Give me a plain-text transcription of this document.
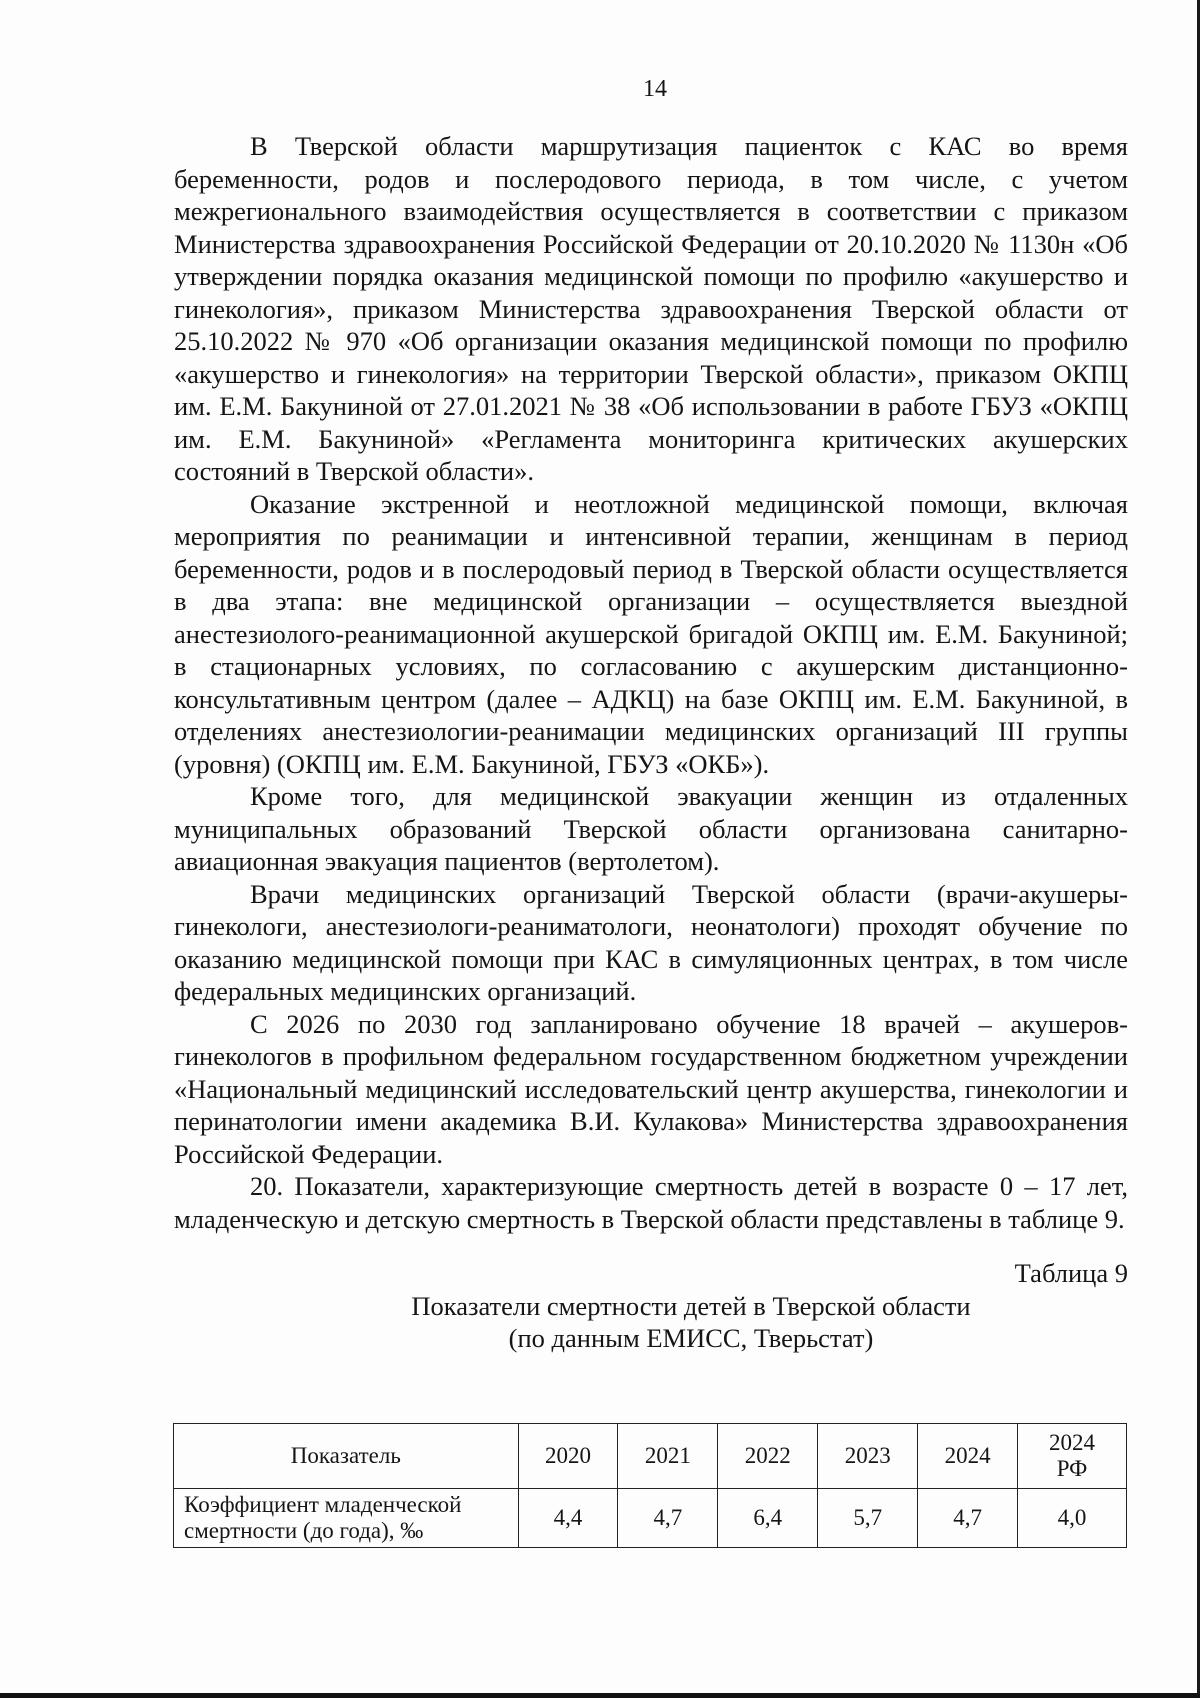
14

В Тверской области маршрутизация пациенток с КАС во время беременности, родов и послеродового периода, в том числе, с учетом межрегионального взаимодействия осуществляется в соответствии с приказом Министерства здравоохранения Российской Федерации от 20.10.2020 № 1130н «Об утверждении порядка оказания медицинской помощи по профилю «акушерство и гинекология», приказом Министерства здравоохранения Тверской области от 25.10.2022 № 970 «Об организации оказания медицинской помощи по профилю «акушерство и гинекология» на территории Тверской области», приказом ОКПЦ им. Е.М. Бакуниной от 27.01.2021 № 38 «Об использовании в работе ГБУЗ «ОКПЦ им. Е.М. Бакуниной» «Регламента мониторинга критических акушерских состояний в Тверской области».

Оказание экстренной и неотложной медицинской помощи, включая мероприятия по реанимации и интенсивной терапии, женщинам в период беременности, родов и в послеродовый период в Тверской области осуществляется в два этапа: вне медицинской организации – осуществляется выездной анестезиолого-реанимационной акушерской бригадой ОКПЦ им. Е.М. Бакуниной; в стационарных условиях, по согласованию с акушерским дистанционно-консультативным центром (далее – АДКЦ) на базе ОКПЦ им. Е.М. Бакуниной, в отделениях анестезиологии-реанимации медицинских организаций III группы (уровня) (ОКПЦ им. Е.М. Бакуниной, ГБУЗ «ОКБ»).

Кроме того, для медицинской эвакуации женщин из отдаленных муниципальных образований Тверской области организована санитарно-авиационная эвакуация пациентов (вертолетом).

Врачи медицинских организаций Тверской области (врачи-акушеры-гинекологи, анестезиологи-реаниматологи, неонатологи) проходят обучение по оказанию медицинской помощи при КАС в симуляционных центрах, в том числе федеральных медицинских организаций.

С 2026 по 2030 год запланировано обучение 18 врачей – акушеров-гинекологов в профильном федеральном государственном бюджетном учреждении «Национальный медицинский исследовательский центр акушерства, гинекологии и перинатологии имени академика В.И. Кулакова» Министерства здравоохранения Российской Федерации.

20. Показатели, характеризующие смертность детей в возрасте 0 – 17 лет, младенческую и детскую смертность в Тверской области представлены в таблице 9.

Таблица 9

Показатели смертности детей в Тверской области

(по данным ЕМИСС, Тверьстат)

Показатель	2020	2021	2022	2023	2024	2024
РФ
Коэффициент младенческой
смертности (до года), ‰	4,4	4,7	6,4	5,7	4,7	4,0
